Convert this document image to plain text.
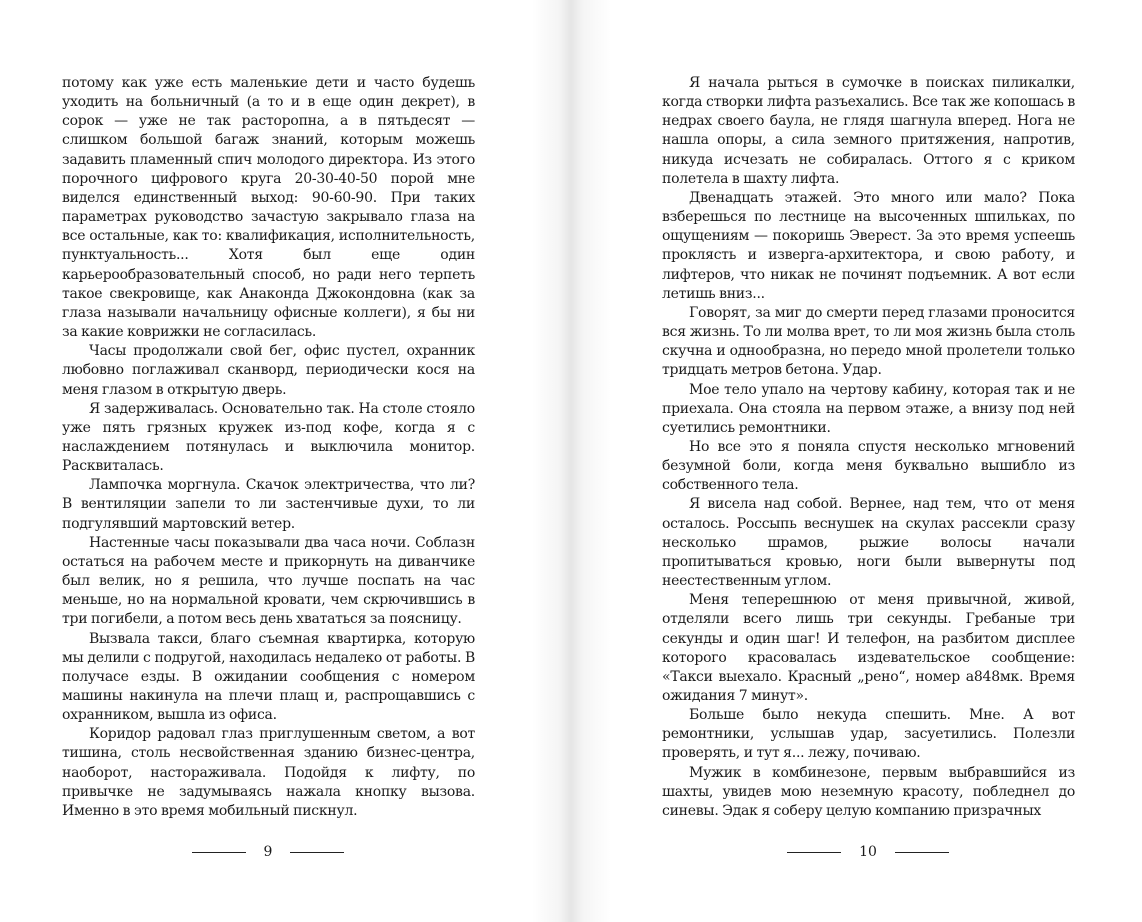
потому как уже есть маленькие дети и часто будешь уходить на больничный (а то и в еще один декрет), в сорок — уже не так расторопна, а в пятьдесят — слишком большой багаж знаний, которым можешь задавить пламенный спич молодого директора. Из этого порочного цифрового круга 20-30-40-50 порой мне виделся единственный выход: 90-60-90. При таких параметрах руководство зачастую закрывало глаза на все остальные, как то: квалификация, исполнительность, пунктуальность... Хотя был еще один карьерообразовательный способ, но ради него терпеть такое свекровище, как Анаконда Джокондовна (как за глаза называли начальницу офисные коллеги), я бы ни за какие коврижки не согласилась.

Часы продолжали свой бег, офис пустел, охранник любовно поглаживал сканворд, периодически кося на меня глазом в открытую дверь.

Я задерживалась. Основательно так. На столе стояло уже пять грязных кружек из-под кофе, когда я с наслаждением потянулась и выключила монитор. Расквиталась.

Лампочка моргнула. Скачок электричества, что ли? В вентиляции запели то ли застенчивые духи, то ли подгулявший мартовский ветер.

Настенные часы показывали два часа ночи. Соблазн остаться на рабочем месте и прикорнуть на диванчике был велик, но я решила, что лучше поспать на час меньше, но на нормальной кровати, чем скрючившись в три погибели, а потом весь день хвататься за поясницу.

Вызвала такси, благо съемная квартирка, которую мы делили с подругой, находилась недалеко от работы. В получасе езды. В ожидании сообщения с номером машины накинула на плечи плащ и, распрощавшись с охранником, вышла из офиса.

Коридор радовал глаз приглушенным светом, а вот тишина, столь несвойственная зданию бизнес-центра, наоборот, настораживала. Подойдя к лифту, по привычке не задумываясь нажала кнопку вызова. Именно в это время мобильный пискнул.

9

Я начала рыться в сумочке в поисках пиликалки, когда створки лифта разъехались. Все так же копошась в недрах своего баула, не глядя шагнула вперед. Нога не нашла опоры, а сила земного притяжения, напротив, никуда исчезать не собиралась. Оттого я с криком полетела в шахту лифта.

Двенадцать этажей. Это много или мало? Пока взберешься по лестнице на высоченных шпильках, по ощущениям — покоришь Эверест. За это время успеешь проклясть и изверга-архитектора, и свою работу, и лифтеров, что никак не починят подъемник. А вот если летишь вниз...

Говорят, за миг до смерти перед глазами проносится вся жизнь. То ли молва врет, то ли моя жизнь была столь скучна и однообразна, но передо мной пролетели только тридцать метров бетона. Удар.

Мое тело упало на чертову кабину, которая так и не приехала. Она стояла на первом этаже, а внизу под ней суетились ремонтники.

Но все это я поняла спустя несколько мгновений безумной боли, когда меня буквально вышибло из собственного тела.

Я висела над собой. Вернее, над тем, что от меня осталось. Россыпь веснушек на скулах рассекли сразу несколько шрамов, рыжие волосы начали пропитываться кровью, ноги были вывернуты под неестественным углом.

Меня теперешнюю от меня привычной, живой, отделяли всего лишь три секунды. Гребаные три секунды и один шаг! И телефон, на разбитом дисплее которого красовалась издевательское сообщение: «Такси выехало. Красный „рено“, номер а848мк. Время ожидания 7 минут».

Больше было некуда спешить. Мне. А вот ремонтники, услышав удар, засуетились. Полезли проверять, и тут я... лежу, почиваю.

Мужик в комбинезоне, первым выбравшийся из шахты, увидев мою неземную красоту, побледнел до синевы. Эдак я соберу целую компанию призрачных

10
